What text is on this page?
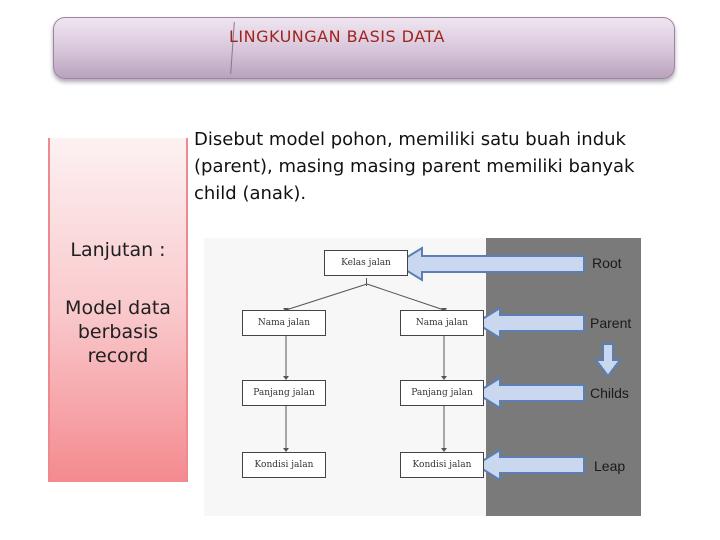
LINGKUNGAN BASIS DATA
Lanjutan :
Model data
berbasis
record
Disebut model pohon, memiliki satu buah induk (parent), masing masing parent memiliki banyak child (anak).
Kelas jalan
Nama jalan	Nama jalan
Panjang jalan	Panjang jalan
Kondisi jalan	Kondisi jalan
Root
Parent
Childs
Leap
